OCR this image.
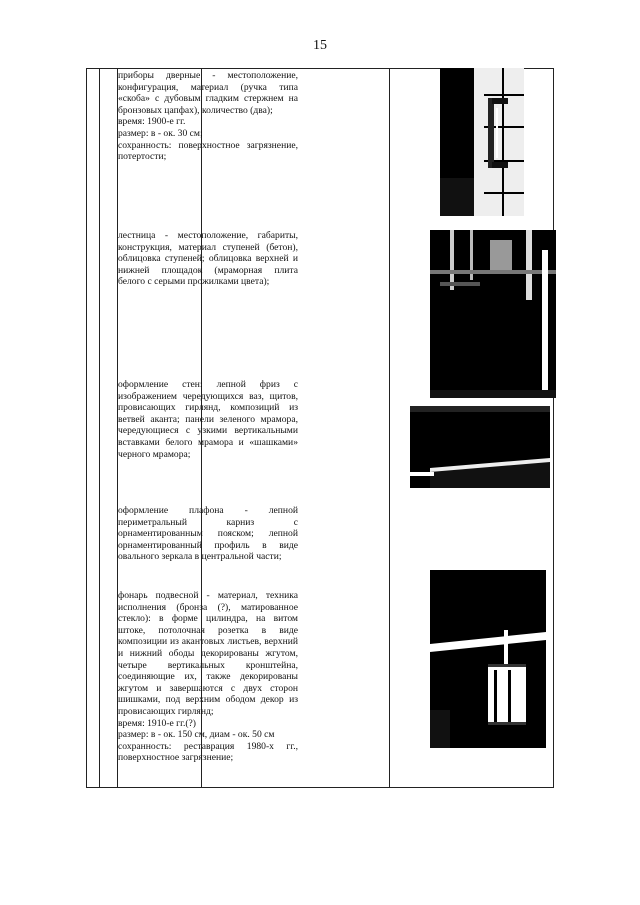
15
приборы дверные - местоположение, конфигурация, материал (ручка типа «скоба» с дубовым гладким стержнем на бронзовых цапфах), количество (два);
время: 1900-е гг.
размер: в - ок. 30 см;
сохранность: поверхностное загрязнение, потертости;
лестница - местоположение, габариты, конструкция, материал ступеней (бетон), облицовка ступеней; облицовка верхней и нижней площадок (мраморная плита белого с серыми прожилками цвета);
оформление стен: лепной фриз с изображением чередующихся ваз, щитов, провисающих гирлянд, композиций из ветвей аканта; панели зеленого мрамора, чередующиеся с узкими вертикальными вставками белого мрамора и «шашками» черного мрамора;
оформление плафона - лепной периметральный карниз с орнаментированным пояском; лепной орнаментированный профиль в виде овального зеркала в центральной части;
фонарь подвесной - материал, техника исполнения (бронза (?), матированное стекло): в форме цилиндра, на витом штоке, потолочная розетка в виде композиции из акантовых листьев, верхний и нижний ободы декорированы жгутом, четыре вертикальных кронштейна, соединяющие их, также декорированы жгутом и завершаются с двух сторон шишками, под верхним ободом декор из провисающих гирлянд;
время: 1910-е гг.(?)
размер: в - ок. 150 см, диам - ок. 50 см
сохранность: реставрация 1980-х гг., поверхностное загрязнение;
